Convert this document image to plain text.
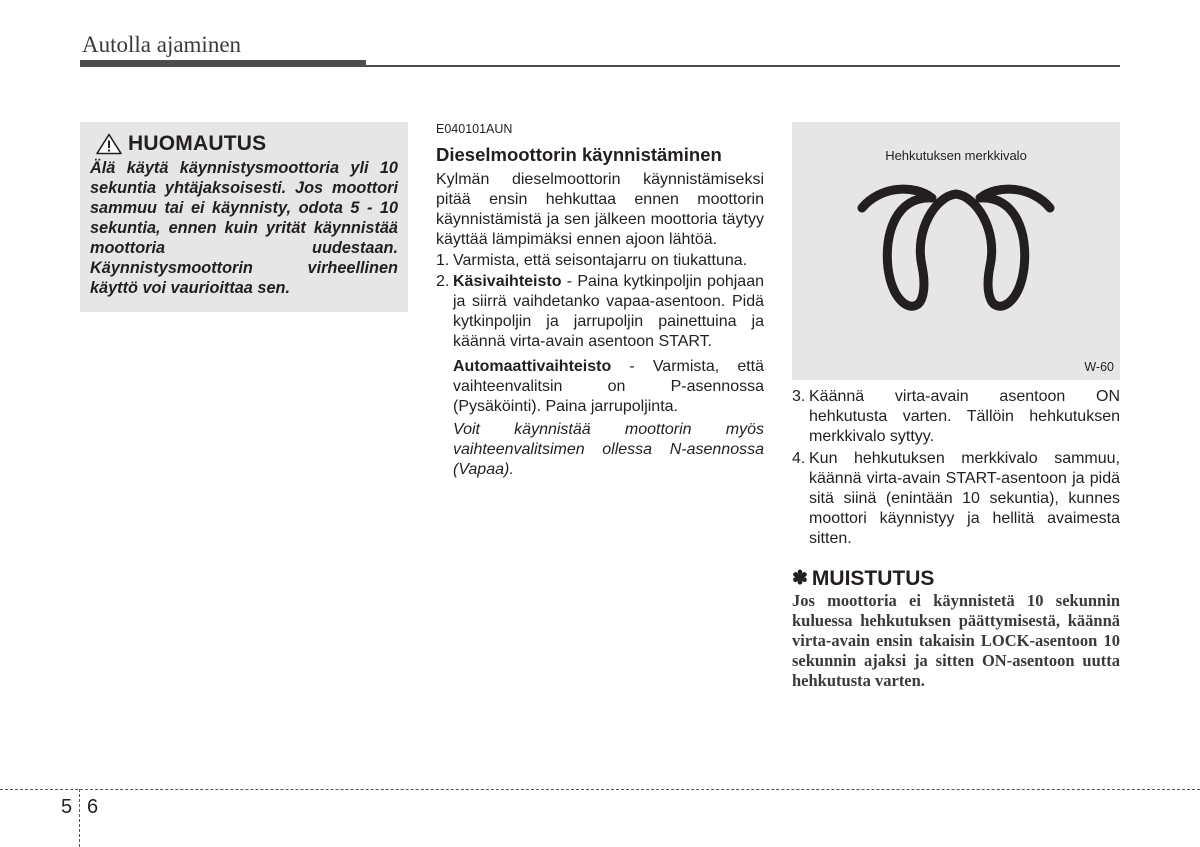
Autolla ajaminen
HUOMAUTUS

Älä käytä käynnistysmoottoria yli 10 sekuntia yhtäjaksoisesti. Jos moottori sammuu tai ei käynnisty, odota 5 - 10 sekuntia, ennen kuin yrität käynnistää moottoria uudestaan. Käynnistysmoottorin virheellinen käyttö voi vaurioittaa sen.

E040101AUN
Dieselmoottorin käynnistäminen

Kylmän dieselmoottorin käynnistämiseksi pitää ensin hehkuttaa ennen moottorin käynnistämistä ja sen jälkeen moottoria täytyy käyttää lämpimäksi ennen ajoon lähtöä.

1. Varmista, että seisontajarru on tiukattuna.
2. Käsivaihteisto - Paina kytkinpoljin pohjaan ja siirrä vaihdetanko vapaa-asentoon. Pidä kytkinpoljin ja jarrupoljin painettuina ja käännä virta-avain asentoon START.
Automaattivaihteisto - Varmista, että vaihteenvalitsin on P-asennossa (Pysäköinti). Paina jarrupoljinta.
Voit käynnistää moottorin myös vaihteenvalitsimen ollessa N-asennossa (Vapaa).
Hehkutuksen merkkivalo
W-60
3. Käännä virta-avain asentoon ON hehkutusta varten. Tällöin hehkutuksen merkkivalo syttyy.
4. Kun hehkutuksen merkkivalo sammuu, käännä virta-avain START-asentoon ja pidä sitä siinä (enintään 10 sekuntia), kunnes moottori käynnistyy ja hellitä avaimesta sitten.
✽ MUISTUTUS
Jos moottoria ei käynnistetä 10 sekunnin kuluessa hehkutuksen päättymisestä, käännä virta-avain ensin takaisin LOCK-asentoon 10 sekunnin ajaksi ja sitten ON-asentoon uutta hehkutusta varten.
5 6
